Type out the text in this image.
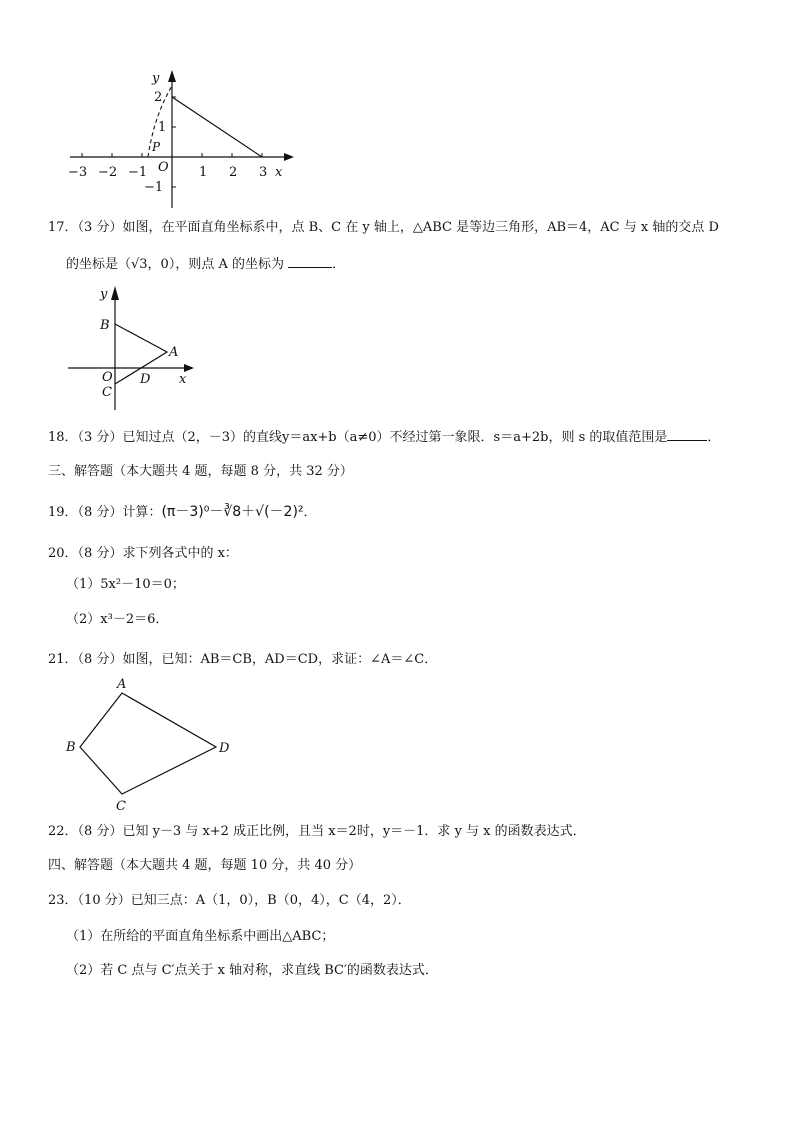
y
2
1
P
O
−1
−3 −2 −1	1 2 3 x
17．（3 分）如图，在平面直角坐标系中，点 B、C 在 y 轴上，△ABC 是等边三角形，AB＝4，AC 与 x 轴的交点 D
的坐标是（√3，0），则点 A 的坐标为	．
y
B
A
O D x
C
18．（3 分）已知过点（2，－3）的直线y＝ax+b（a≠0）不经过第一象限．s＝a+2b，则 s 的取值范围是	．
三、解答题（本大题共 4 题，每题 8 分，共 32 分）
19．（8 分）计算：(π－3)⁰－∛8＋√(－2)²．
20．（8 分）求下列各式中的 x：
（1）5x²－10＝0；
（2）x³－2＝6．
21．（8 分）如图，已知：AB＝CB，AD＝CD，求证：∠A＝∠C．
A
B	D
C
22．（8 分）已知 y－3 与 x+2 成正比例，且当 x＝2时，y＝－1．求 y 与 x 的函数表达式．
四、解答题（本大题共 4 题，每题 10 分，共 40 分）
23．（10 分）已知三点：A（1，0），B（0，4），C（4，2）．
（1）在所给的平面直角坐标系中画出△ABC；
（2）若 C 点与 C′点关于 x 轴对称，求直线 BC′的函数表达式．
